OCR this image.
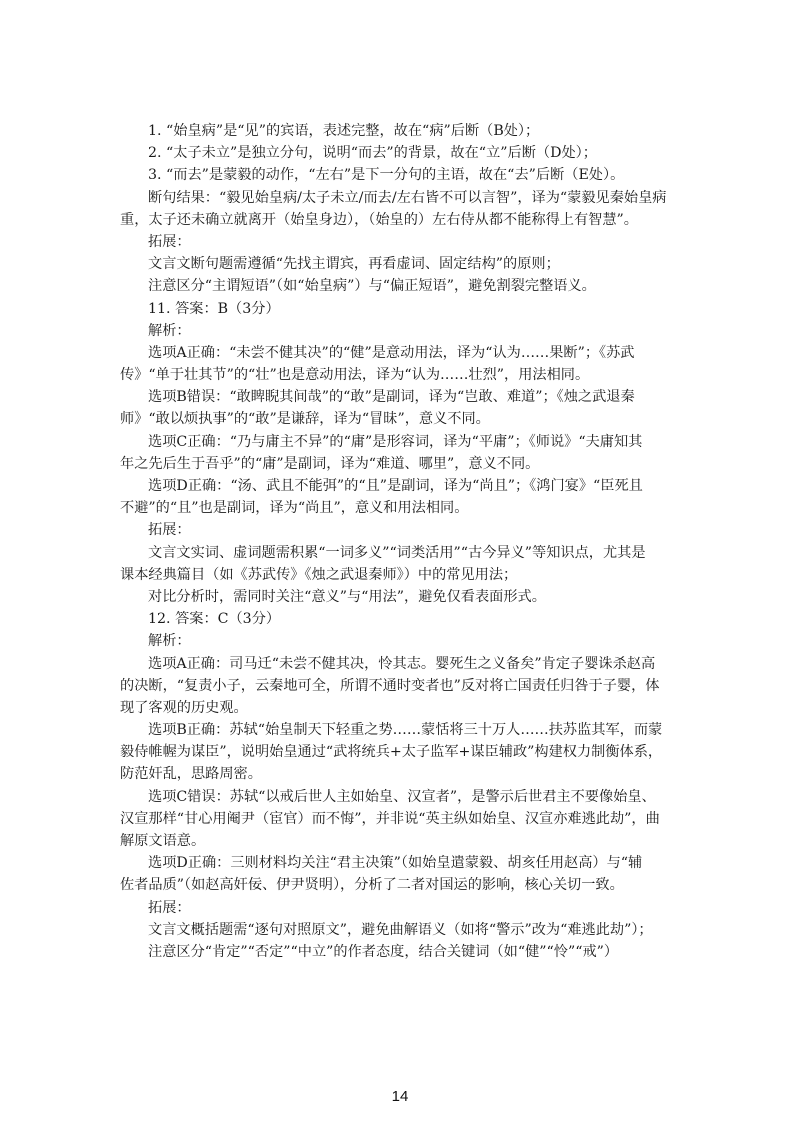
1. “始皇病”是“见”的宾语，表述完整，故在“病”后断（B处）；
2. “太子未立”是独立分句，说明“而去”的背景，故在“立”后断（D处）；
3. “而去”是蒙毅的动作，“左右”是下一分句的主语，故在“去”后断（E处）。
断句结果：“毅见始皇病/太子未立/而去/左右皆不可以言智”，译为“蒙毅见秦始皇病
重，太子还未确立就离开（始皇身边），（始皇的）左右侍从都不能称得上有智慧”。
拓展：
文言文断句题需遵循“先找主谓宾，再看虚词、固定结构”的原则；
注意区分“主谓短语”（如“始皇病”）与“偏正短语”，避免割裂完整语义。
11. 答案：B（3分）
解析：
选项A正确：“未尝不健其决”的“健”是意动用法，译为“认为……果断”；《苏武
传》“单于壮其节”的“壮”也是意动用法，译为“认为……壮烈”，用法相同。
选项B错误：“敢睥睨其间哉”的“敢”是副词，译为“岂敢、难道”；《烛之武退秦
师》“敢以烦执事”的“敢”是谦辞，译为“冒昧”，意义不同。
选项C正确：“乃与庸主不异”的“庸”是形容词，译为“平庸”；《师说》“夫庸知其
年之先后生于吾乎”的“庸”是副词，译为“难道、哪里”，意义不同。
选项D正确：“汤、武且不能弭”的“且”是副词，译为“尚且”；《鸿门宴》“臣死且
不避”的“且”也是副词，译为“尚且”，意义和用法相同。
拓展：
文言文实词、虚词题需积累“一词多义”“词类活用”“古今异义”等知识点，尤其是
课本经典篇目（如《苏武传》《烛之武退秦师》）中的常见用法；
对比分析时，需同时关注“意义”与“用法”，避免仅看表面形式。
12. 答案：C（3分）
解析：
选项A正确：司马迁“未尝不健其决，怜其志。婴死生之义备矣”肯定子婴诛杀赵高
的决断，“复责小子，云秦地可全，所谓不通时变者也”反对将亡国责任归咎于子婴，体
现了客观的历史观。
选项B正确：苏轼“始皇制天下轻重之势……蒙恬将三十万人……扶苏监其军，而蒙
毅侍帷幄为谋臣”，说明始皇通过“武将统兵+太子监军+谋臣辅政”构建权力制衡体系，
防范奸乱，思路周密。
选项C错误：苏轼“以戒后世人主如始皇、汉宣者”，是警示后世君主不要像始皇、
汉宣那样“甘心用阉尹（宦官）而不悔”，并非说“英主纵如始皇、汉宣亦难逃此劫”，曲
解原文语意。
选项D正确：三则材料均关注“君主决策”（如始皇遣蒙毅、胡亥任用赵高）与“辅
佐者品质”（如赵高奸佞、伊尹贤明），分析了二者对国运的影响，核心关切一致。
拓展：
文言文概括题需“逐句对照原文”，避免曲解语义（如将“警示”改为“难逃此劫”）；
注意区分“肯定”“否定”“中立”的作者态度，结合关键词（如“健”“怜”“戒”）
14
